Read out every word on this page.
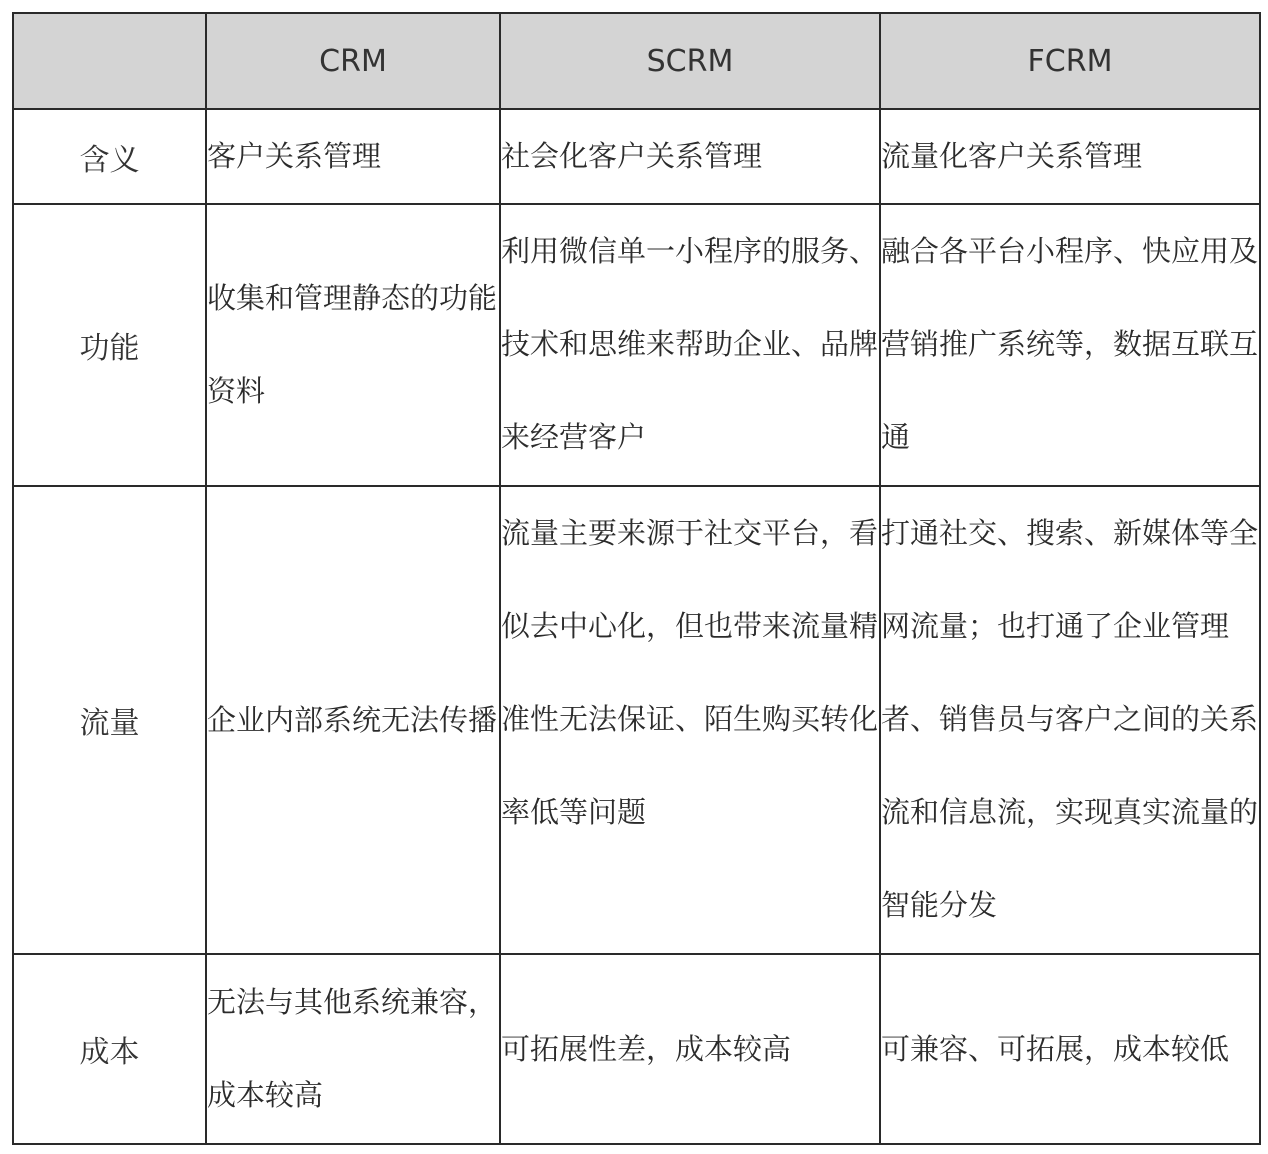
	CRM	SCRM	FCRM
含义	客户关系管理	社会化客户关系管理	流量化客户关系管理
功能	收集和管理静态的功能资料	利用微信单一小程序的服务、技术和思维来帮助企业、品牌来经营客户	融合各平台小程序、快应用及营销推广系统等，数据互联互通
流量	企业内部系统无法传播	流量主要来源于社交平台，看似去中心化，但也带来流量精准性无法保证、陌生购买转化率低等问题	打通社交、搜索、新媒体等全网流量；也打通了企业管理者、销售员与客户之间的关系流和信息流，实现真实流量的智能分发
成本	无法与其他系统兼容，成本较高	可拓展性差，成本较高	可兼容、可拓展，成本较低
